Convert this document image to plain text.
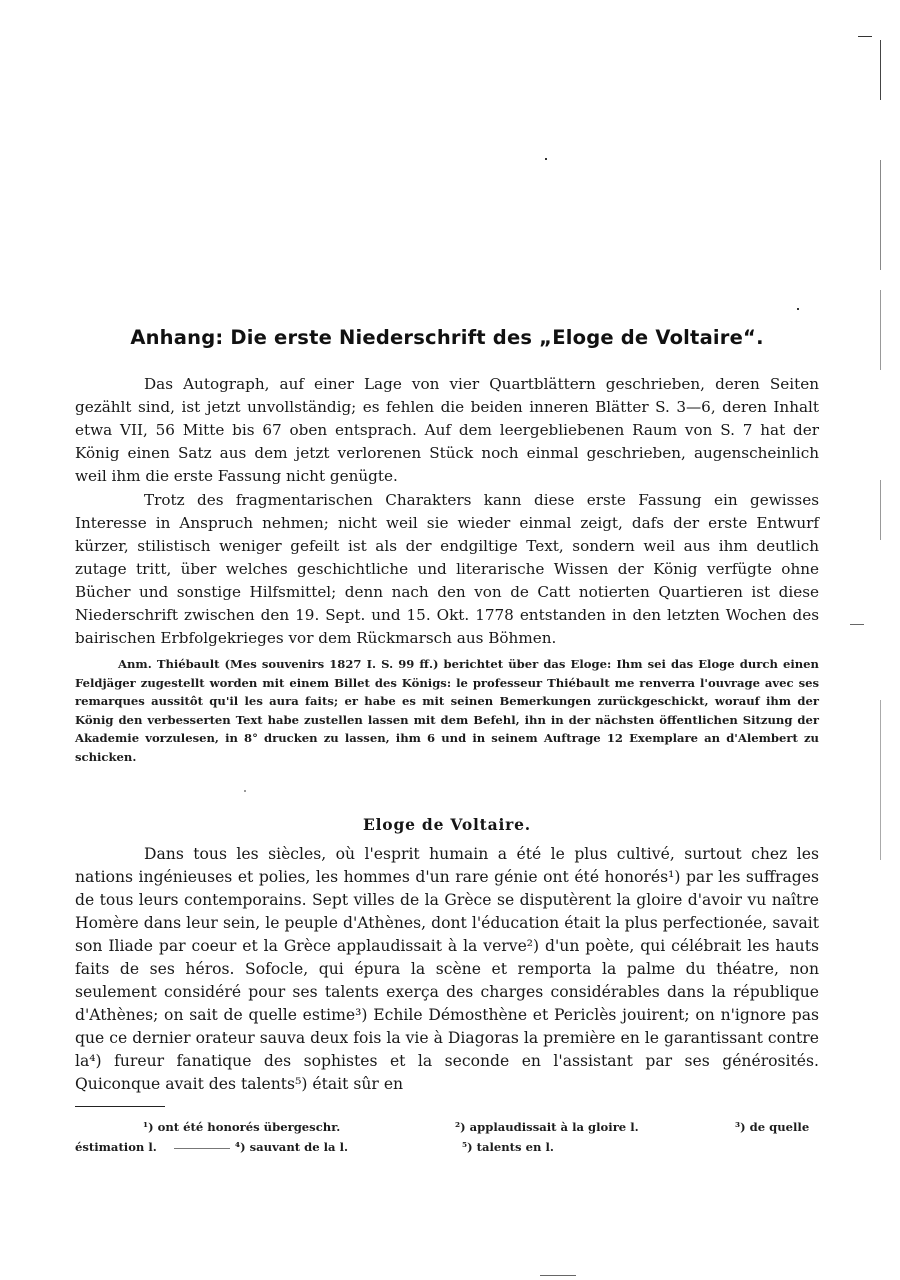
Anhang: Die erste Niederschrift des „Eloge de Voltaire“.

Das Autograph, auf einer Lage von vier Quartblättern geschrieben, deren Seiten gezählt sind, ist jetzt unvollständig; es fehlen die beiden inneren Blätter S. 3—6, deren Inhalt etwa VII, 56 Mitte bis 67 oben entsprach. Auf dem leergebliebenen Raum von S. 7 hat der König einen Satz aus dem jetzt verlorenen Stück noch einmal geschrieben, augenscheinlich weil ihm die erste Fassung nicht genügte.

Trotz des fragmentarischen Charakters kann diese erste Fassung ein gewisses Interesse in Anspruch nehmen; nicht weil sie wieder einmal zeigt, dafs der erste Entwurf kürzer, stilistisch weniger gefeilt ist als der endgiltige Text, sondern weil aus ihm deutlich zutage tritt, über welches geschichtliche und literarische Wissen der König verfügte ohne Bücher und sonstige Hilfsmittel; denn nach den von de Catt notierten Quartieren ist diese Niederschrift zwischen den 19. Sept. und 15. Okt. 1778 entstanden in den letzten Wochen des bairischen Erbfolgekrieges vor dem Rückmarsch aus Böhmen.

Anm. Thiébault (Mes souvenirs 1827 I. S. 99 ff.) berichtet über das Eloge: Ihm sei das Eloge durch einen Feldjäger zugestellt worden mit einem Billet des Königs: le professeur Thiébault me renverra l'ouvrage avec ses remarques aussitôt qu'il les aura faits; er habe es mit seinen Bemerkungen zurückgeschickt, worauf ihm der König den verbesserten Text habe zustellen lassen mit dem Befehl, ihn in der nächsten öffentlichen Sitzung der Akademie vorzulesen, in 8° drucken zu lassen, ihm 6 und in seinem Auftrage 12 Exemplare an d'Alembert zu schicken.

Eloge de Voltaire.

Dans tous les siècles, où l'esprit humain a été le plus cultivé, surtout chez les nations ingénieuses et polies, les hommes d'un rare génie ont été honorés¹) par les suffrages de tous leurs contemporains. Sept villes de la Grèce se disputèrent la gloire d'avoir vu naître Homère dans leur sein, le peuple d'Athènes, dont l'éducation était la plus perfectionée, savait son Iliade par coeur et la Grèce applaudissait à la verve²) d'un poète, qui célébrait les hauts faits de ses héros. Sofocle, qui épura la scène et remporta la palme du théatre, non seulement considéré pour ses talents exerça des charges considérables dans la république d'Athènes; on sait de quelle estime³) Echile Démosthène et Periclès jouirent; on n'ignore pas que ce dernier orateur sauva deux fois la vie à Diagoras la première en le garantissant contre la⁴) fureur fanatique des sophistes et la seconde en l'assistant par ses générosités. Quiconque avait des talents⁵) était sûr en

¹) ont été honorés übergeschr.	²) applaudissait à la gloire l.	³) de quelle
éstimation l.	⁴) sauvant de la l.	⁵) talents en l.
